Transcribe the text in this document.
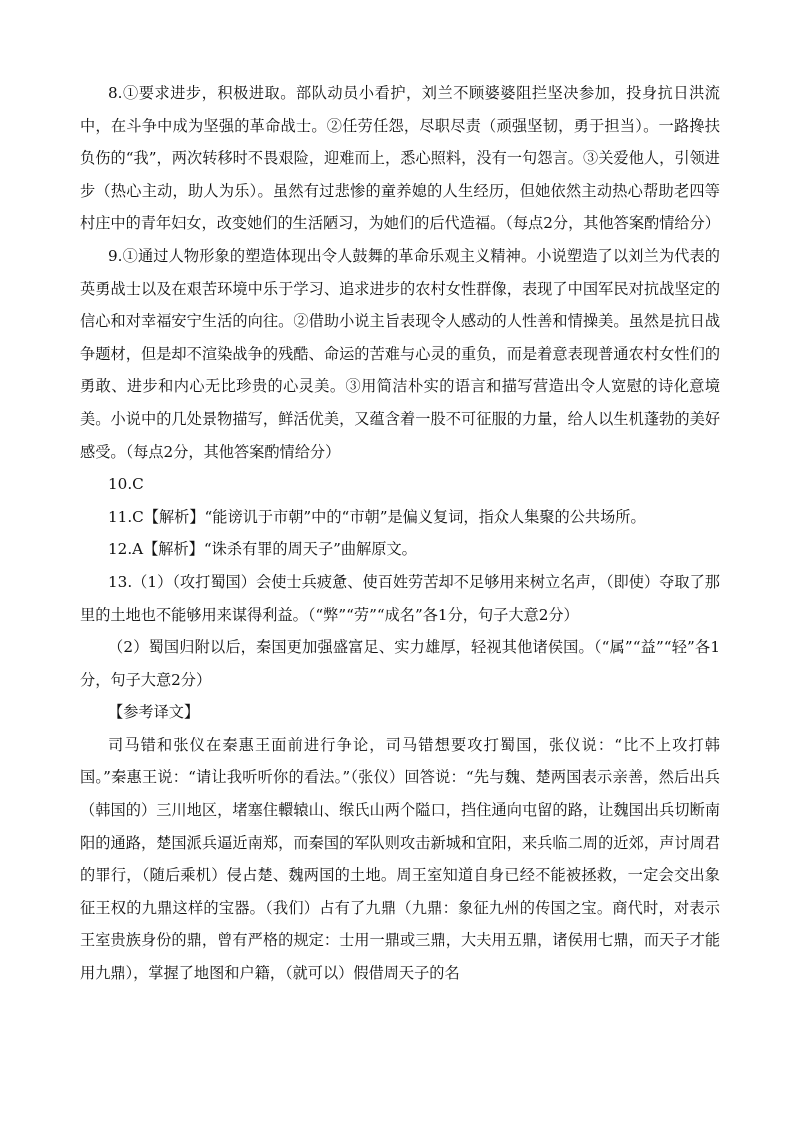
8.①要求进步，积极进取。部队动员小看护，刘兰不顾婆婆阻拦坚决参加，投身抗日洪流中，在斗争中成为坚强的革命战士。②任劳任怨，尽职尽责（顽强坚韧，勇于担当）。一路搀扶负伤的“我”，两次转移时不畏艰险，迎难而上，悉心照料，没有一句怨言。③关爱他人，引领进步（热心主动，助人为乐）。虽然有过悲惨的童养媳的人生经历，但她依然主动热心帮助老四等村庄中的青年妇女，改变她们的生活陋习，为她们的后代造福。（每点2分，其他答案酌情给分）

9.①通过人物形象的塑造体现出令人鼓舞的革命乐观主义精神。小说塑造了以刘兰为代表的英勇战士以及在艰苦环境中乐于学习、追求进步的农村女性群像，表现了中国军民对抗战坚定的信心和对幸福安宁生活的向往。②借助小说主旨表现令人感动的人性善和情操美。虽然是抗日战争题材，但是却不渲染战争的残酷、命运的苦难与心灵的重负，而是着意表现普通农村女性们的勇敢、进步和内心无比珍贵的心灵美。③用简洁朴实的语言和描写营造出令人宽慰的诗化意境美。小说中的几处景物描写，鲜活优美，又蕴含着一股不可征服的力量，给人以生机蓬勃的美好感受。（每点2分，其他答案酌情给分）

10.C

11.C【解析】“能谤讥于市朝”中的“市朝”是偏义复词，指众人集聚的公共场所。

12.A【解析】“诛杀有罪的周天子”曲解原文。

13.（1）（攻打蜀国）会使士兵疲惫、使百姓劳苦却不足够用来树立名声，（即使）夺取了那里的土地也不能够用来谋得利益。（“弊”“劳”“成名”各1分，句子大意2分）

（2）蜀国归附以后，秦国更加强盛富足、实力雄厚，轻视其他诸侯国。（“属”“益”“轻”各1分，句子大意2分）

【参考译文】

司马错和张仪在秦惠王面前进行争论，司马错想要攻打蜀国，张仪说：“比不上攻打韩国。”秦惠王说：“请让我听听你的看法。”（张仪）回答说：“先与魏、楚两国表示亲善，然后出兵（韩国的）三川地区，堵塞住轘辕山、缑氏山两个隘口，挡住通向屯留的路，让魏国出兵切断南阳的通路，楚国派兵逼近南郑，而秦国的军队则攻击新城和宜阳，来兵临二周的近郊，声讨周君的罪行，（随后乘机）侵占楚、魏两国的土地。周王室知道自身已经不能被拯救，一定会交出象征王权的九鼎这样的宝器。（我们）占有了九鼎（九鼎：象征九州的传国之宝。商代时，对表示王室贵族身份的鼎，曾有严格的规定：士用一鼎或三鼎，大夫用五鼎，诸侯用七鼎，而天子才能用九鼎），掌握了地图和户籍，（就可以）假借周天子的名
